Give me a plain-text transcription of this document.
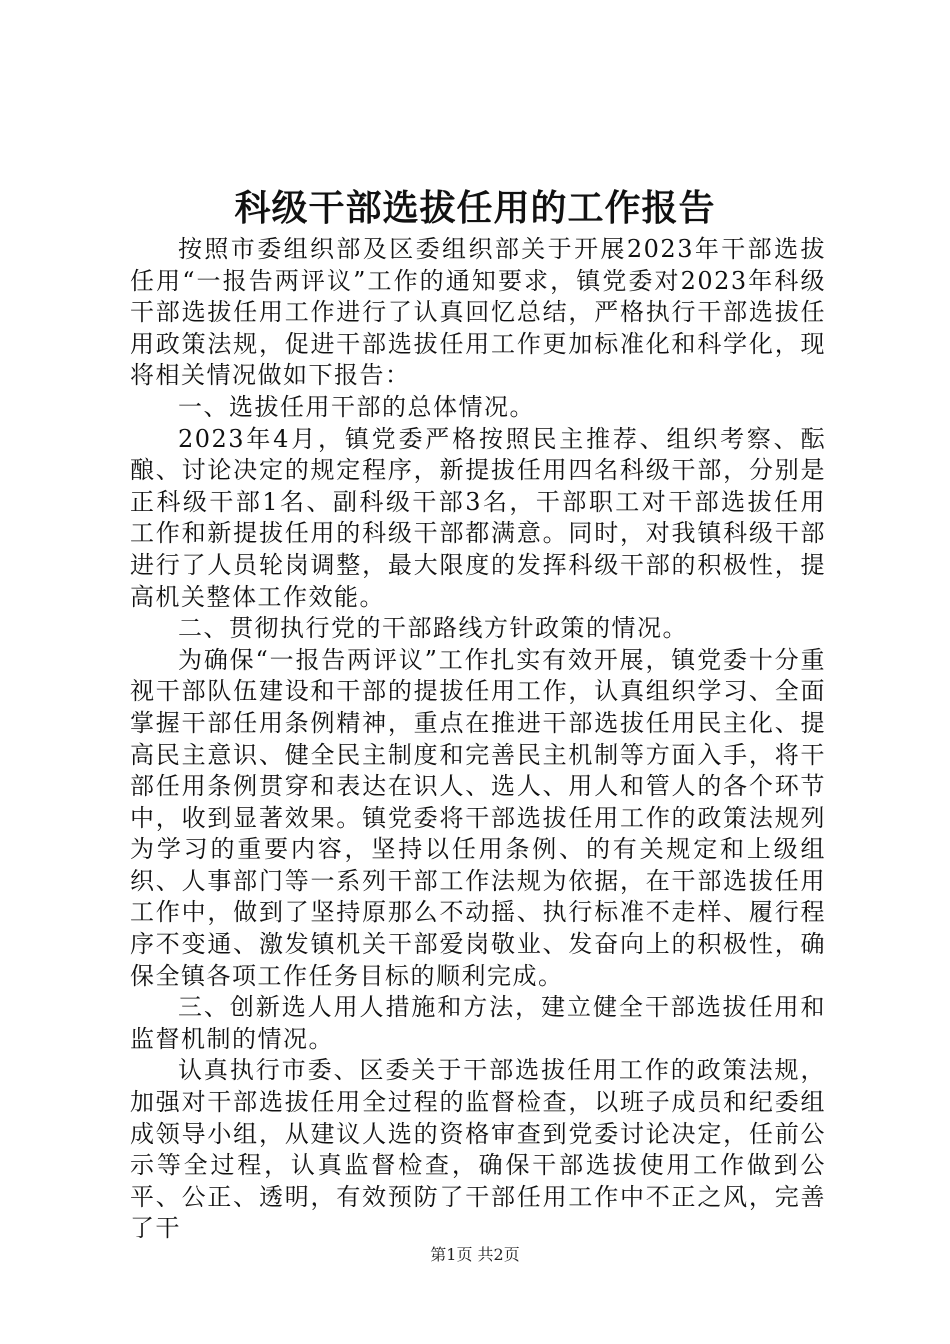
科级干部选拔任用的工作报告

按照市委组织部及区委组织部关于开展2023年干部选拔任用“一报告两评议”工作的通知要求，镇党委对2023年科级干部选拔任用工作进行了认真回忆总结，严格执行干部选拔任用政策法规，促进干部选拔任用工作更加标准化和科学化，现将相关情况做如下报告：

一、选拔任用干部的总体情况。

2023年4月，镇党委严格按照民主推荐、组织考察、酝酿、讨论决定的规定程序，新提拔任用四名科级干部，分别是正科级干部1名、副科级干部3名，干部职工对干部选拔任用工作和新提拔任用的科级干部都满意。同时，对我镇科级干部进行了人员轮岗调整，最大限度的发挥科级干部的积极性，提高机关整体工作效能。

二、贯彻执行党的干部路线方针政策的情况。

为确保“一报告两评议”工作扎实有效开展，镇党委十分重视干部队伍建设和干部的提拔任用工作，认真组织学习、全面掌握干部任用条例精神，重点在推进干部选拔任用民主化、提高民主意识、健全民主制度和完善民主机制等方面入手，将干部任用条例贯穿和表达在识人、选人、用人和管人的各个环节中，收到显著效果。镇党委将干部选拔任用工作的政策法规列为学习的重要内容，坚持以任用条例、的有关规定和上级组织、人事部门等一系列干部工作法规为依据，在干部选拔任用工作中，做到了坚持原那么不动摇、执行标准不走样、履行程序不变通、激发镇机关干部爱岗敬业、发奋向上的积极性，确保全镇各项工作任务目标的顺利完成。

三、创新选人用人措施和方法，建立健全干部选拔任用和监督机制的情况。

认真执行市委、区委关于干部选拔任用工作的政策法规，加强对干部选拔任用全过程的监督检查，以班子成员和纪委组成领导小组，从建议人选的资格审查到党委讨论决定，任前公示等全过程，认真监督检查，确保干部选拔使用工作做到公平、公正、透明，有效预防了干部任用工作中不正之风，完善了干

第1页 共2页
